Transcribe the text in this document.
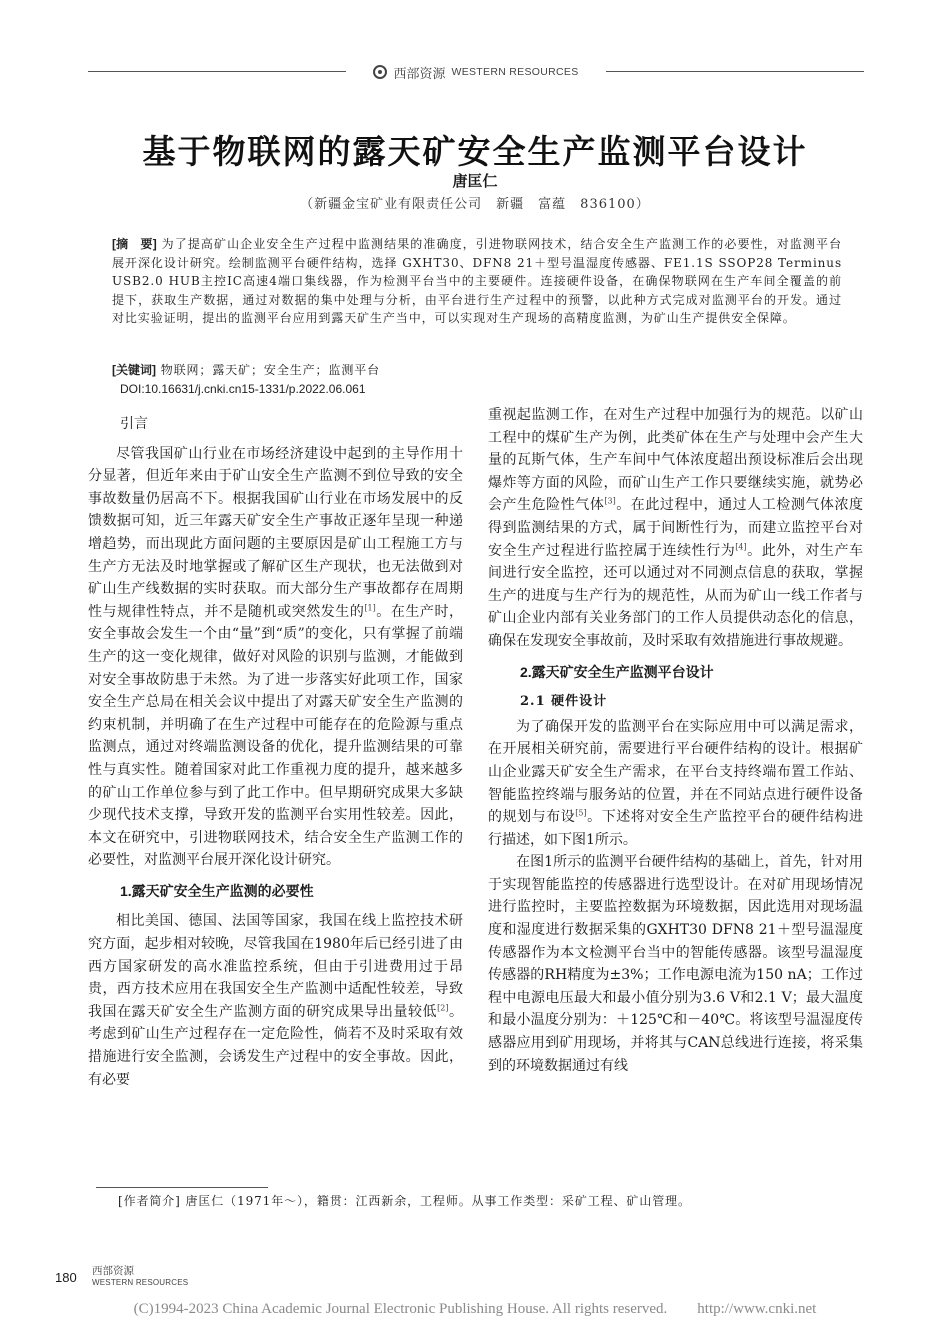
西部资源 WESTERN RESOURCES
基于物联网的露天矿安全生产监测平台设计
唐匡仁
（新疆金宝矿业有限责任公司　新疆　富蕴　836100）
[摘　要] 为了提高矿山企业安全生产过程中监测结果的准确度，引进物联网技术，结合安全生产监测工作的必要性，对监测平台展开深化设计研究。绘制监测平台硬件结构，选择 GXHT30、DFN8 21＋型号温湿度传感器、FE1.1S SSOP28 Terminus USB2.0 HUB主控IC高速4端口集线器，作为检测平台当中的主要硬件。连接硬件设备，在确保物联网在生产车间全覆盖的前提下，获取生产数据，通过对数据的集中处理与分析，由平台进行生产过程中的预警，以此种方式完成对监测平台的开发。通过对比实验证明，提出的监测平台应用到露天矿生产当中，可以实现对生产现场的高精度监测，为矿山生产提供安全保障。
[关键词] 物联网；露天矿；安全生产；监测平台
DOI:10.16631/j.cnki.cn15-1331/p.2022.06.061
引言

尽管我国矿山行业在市场经济建设中起到的主导作用十分显著，但近年来由于矿山安全生产监测不到位导致的安全事故数量仍居高不下。根据我国矿山行业在市场发展中的反馈数据可知，近三年露天矿安全生产事故正逐年呈现一种递增趋势，而出现此方面问题的主要原因是矿山工程施工方与生产方无法及时地掌握或了解矿区生产现状，也无法做到对矿山生产线数据的实时获取。而大部分生产事故都存在周期性与规律性特点，并不是随机或突然发生的[1]。在生产时，安全事故会发生一个由“量”到“质”的变化，只有掌握了前端生产的这一变化规律，做好对风险的识别与监测，才能做到对安全事故防患于未然。为了进一步落实好此项工作，国家安全生产总局在相关会议中提出了对露天矿安全生产监测的约束机制，并明确了在生产过程中可能存在的危险源与重点监测点，通过对终端监测设备的优化，提升监测结果的可靠性与真实性。随着国家对此工作重视力度的提升，越来越多的矿山工作单位参与到了此工作中。但早期研究成果大多缺少现代技术支撑，导致开发的监测平台实用性较差。因此，本文在研究中，引进物联网技术，结合安全生产监测工作的必要性，对监测平台展开深化设计研究。

1.露天矿安全生产监测的必要性

相比美国、德国、法国等国家，我国在线上监控技术研究方面，起步相对较晚，尽管我国在1980年后已经引进了由西方国家研发的高水准监控系统，但由于引进费用过于昂贵，西方技术应用在我国安全生产监测中适配性较差，导致我国在露天矿安全生产监测方面的研究成果导出量较低[2]。考虑到矿山生产过程存在一定危险性，倘若不及时采取有效措施进行安全监测，会诱发生产过程中的安全事故。因此，有必要

重视起监测工作，在对生产过程中加强行为的规范。以矿山工程中的煤矿生产为例，此类矿体在生产与处理中会产生大量的瓦斯气体，生产车间中气体浓度超出预设标准后会出现爆炸等方面的风险，而矿山生产工作只要继续实施，就势必会产生危险性气体[3]。在此过程中，通过人工检测气体浓度得到监测结果的方式，属于间断性行为，而建立监控平台对安全生产过程进行监控属于连续性行为[4]。此外，对生产车间进行安全监控，还可以通过对不同测点信息的获取，掌握生产的进度与生产行为的规范性，从而为矿山一线工作者与矿山企业内部有关业务部门的工作人员提供动态化的信息，确保在发现安全事故前，及时采取有效措施进行事故规避。

2.露天矿安全生产监测平台设计
2.1 硬件设计

为了确保开发的监测平台在实际应用中可以满足需求，在开展相关研究前，需要进行平台硬件结构的设计。根据矿山企业露天矿安全生产需求，在平台支持终端布置工作站、智能监控终端与服务站的位置，并在不同站点进行硬件设备的规划与布设[5]。下述将对安全生产监控平台的硬件结构进行描述，如下图1所示。

在图1所示的监测平台硬件结构的基础上，首先，针对用于实现智能监控的传感器进行选型设计。在对矿用现场情况进行监控时，主要监控数据为环境数据，因此选用对现场温度和湿度进行数据采集的GXHT30 DFN8 21＋型号温湿度传感器作为本文检测平台当中的智能传感器。该型号温湿度传感器的RH精度为±3%；工作电源电流为150 nA；工作过程中电源电压最大和最小值分别为3.6 V和2.1 V；最大温度和最小温度分别为：＋125℃和－40℃。将该型号温湿度传感器应用到矿用现场，并将其与CAN总线进行连接，将采集到的环境数据通过有线

[作者简介] 唐匡仁（1971年～），籍贯：江西新余，工程师。从事工作类型：采矿工程、矿山管理。
180 西部资源
WESTERN RESOURCES
(C)1994-2023 China Academic Journal Electronic Publishing House. All rights reserved.　　http://www.cnki.net
